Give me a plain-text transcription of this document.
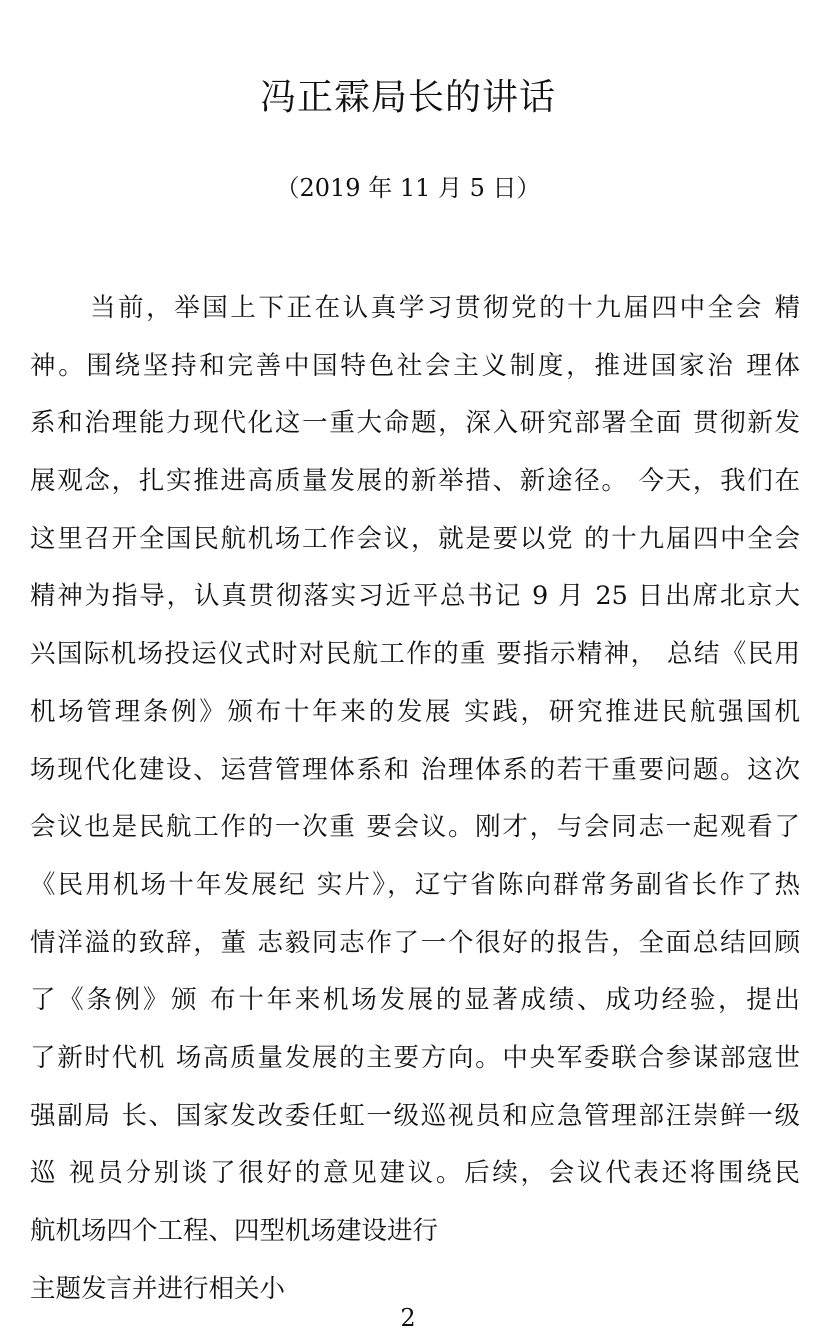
冯正霖局长的讲话

（2019 年 11 月 5 日）

当前，举国上下正在认真学习贯彻党的十九届四中全会 精
神。围绕坚持和完善中国特色社会主义制度，推进国家治 理体
系和治理能力现代化这一重大命题，深入研究部署全面 贯彻新发
展观念，扎实推进高质量发展的新举措、新途径。 今天，我们在
这里召开全国民航机场工作会议，就是要以党 的十九届四中全会
精神为指导，认真贯彻落实习近平总书记 9 月 25 日出席北京大
兴国际机场投运仪式时对民航工作的重 要指示精神， 总结《民用
机场管理条例》颁布十年来的发展 实践，研究推进民航强国机
场现代化建设、运营管理体系和 治理体系的若干重要问题。这次
会议也是民航工作的一次重 要会议。刚才，与会同志一起观看了
《民用机场十年发展纪 实片》，辽宁省陈向群常务副省长作了热
情洋溢的致辞，董 志毅同志作了一个很好的报告，全面总结回顾
了《条例》颁 布十年来机场发展的显著成绩、成功经验，提出
了新时代机 场高质量发展的主要方向。中央军委联合参谋部寇世
强副局 长、国家发改委任虹一级巡视员和应急管理部汪崇鲜一级
巡 视员分别谈了很好的意见建议。后续，会议代表还将围绕民
航机场四个工程、四型机场建设进行
主题发言并进行相关小
2
